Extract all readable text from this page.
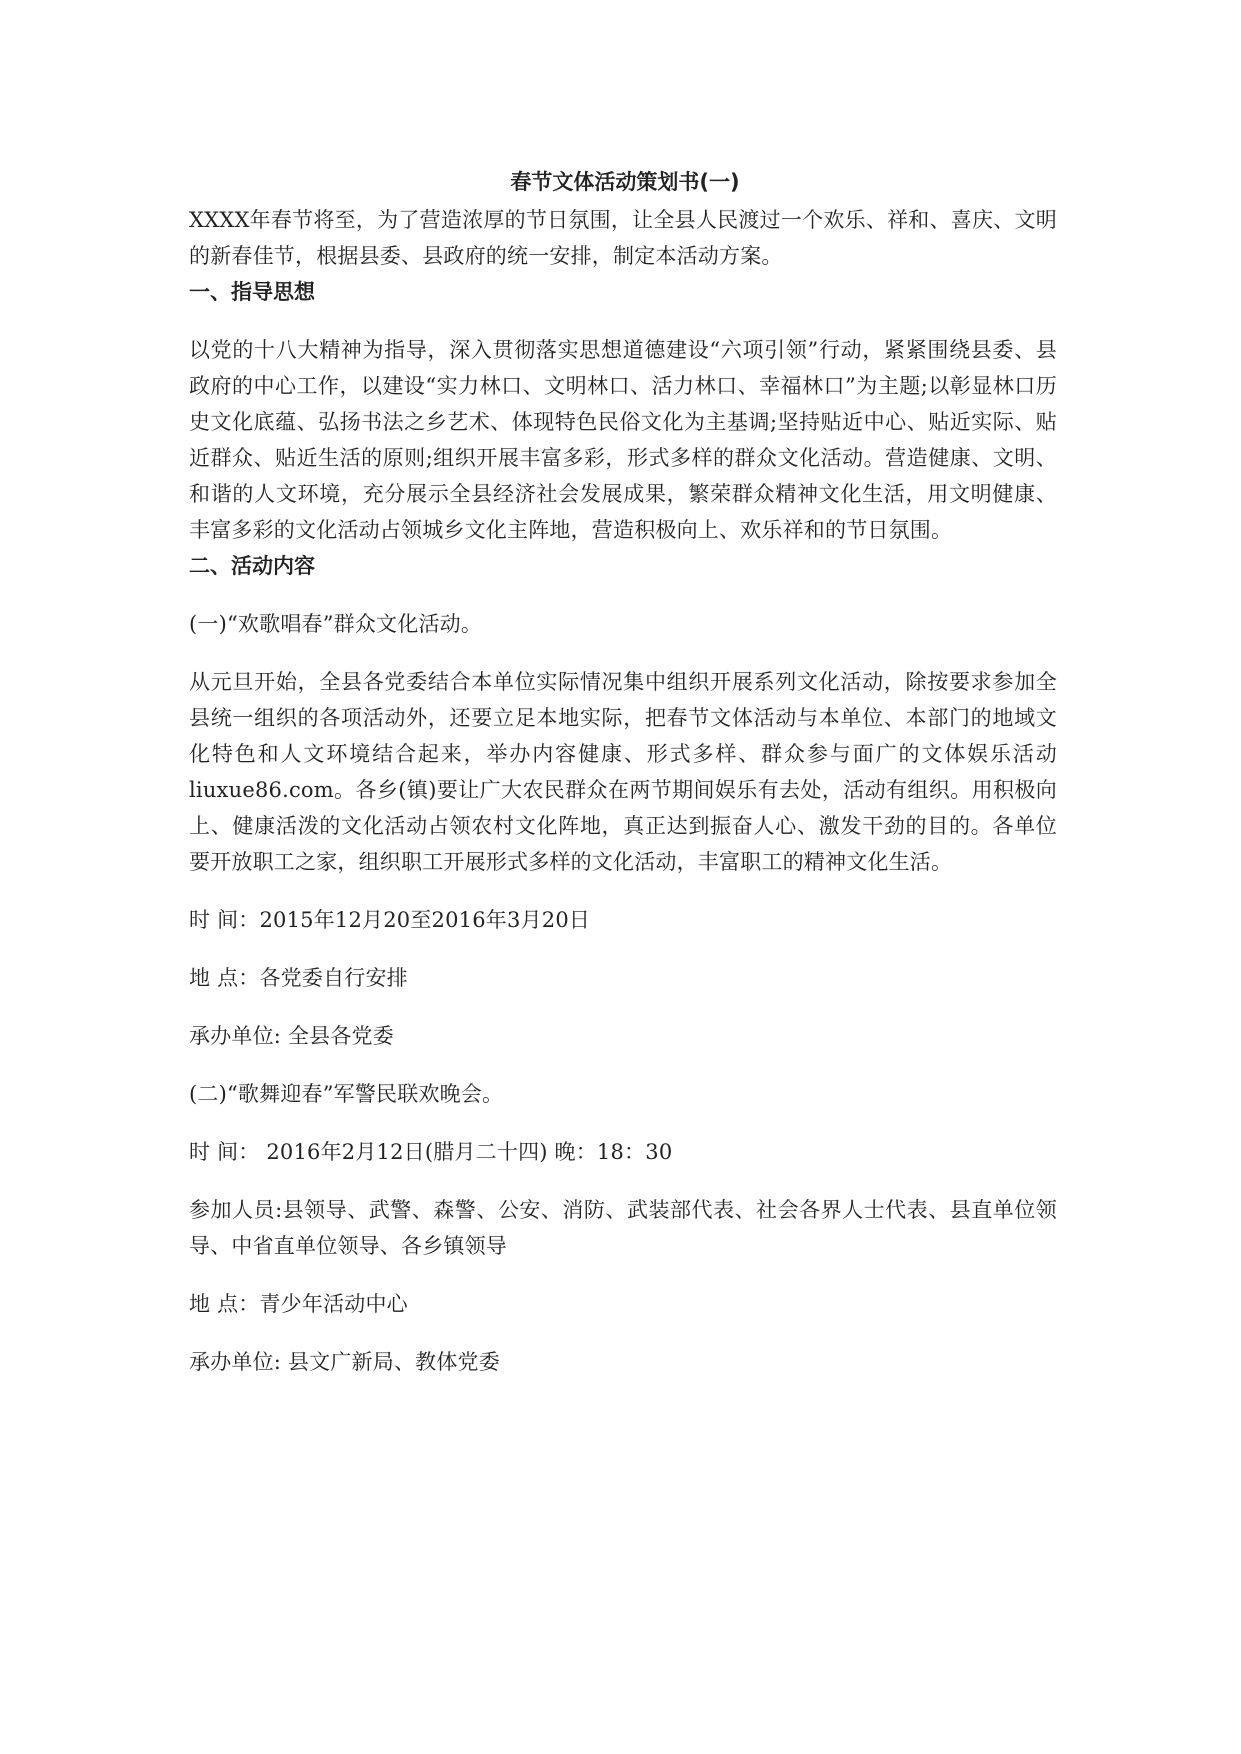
春节文体活动策划书(一)

XXXX年春节将至，为了营造浓厚的节日氛围，让全县人民渡过一个欢乐、祥和、喜庆、文明的新春佳节，根据县委、县政府的统一安排，制定本活动方案。

一、指导思想

以党的十八大精神为指导，深入贯彻落实思想道德建设“六项引领”行动，紧紧围绕县委、县政府的中心工作，以建设“实力林口、文明林口、活力林口、幸福林口”为主题;以彰显林口历史文化底蕴、弘扬书法之乡艺术、体现特色民俗文化为主基调;坚持贴近中心、贴近实际、贴近群众、贴近生活的原则;组织开展丰富多彩，形式多样的群众文化活动。营造健康、文明、和谐的人文环境，充分展示全县经济社会发展成果，繁荣群众精神文化生活，用文明健康、丰富多彩的文化活动占领城乡文化主阵地，营造积极向上、欢乐祥和的节日氛围。

二、活动内容

(一)“欢歌唱春”群众文化活动。

从元旦开始，全县各党委结合本单位实际情况集中组织开展系列文化活动，除按要求参加全县统一组织的各项活动外，还要立足本地实际，把春节文体活动与本单位、本部门的地域文化特色和人文环境结合起来，举办内容健康、形式多样、群众参与面广的文体娱乐活动liuxue86.com。各乡(镇)要让广大农民群众在两节期间娱乐有去处，活动有组织。用积极向上、健康活泼的文化活动占领农村文化阵地，真正达到振奋人心、激发干劲的目的。各单位要开放职工之家，组织职工开展形式多样的文化活动，丰富职工的精神文化生活。

时 间：2015年12月20至2016年3月20日

地 点：各党委自行安排

承办单位: 全县各党委

(二)“歌舞迎春”军警民联欢晚会。

时 间： 2016年2月12日(腊月二十四) 晚：18：30

参加人员:县领导、武警、森警、公安、消防、武装部代表、社会各界人士代表、县直单位领导、中省直单位领导、各乡镇领导

地 点：青少年活动中心

承办单位: 县文广新局、教体党委
